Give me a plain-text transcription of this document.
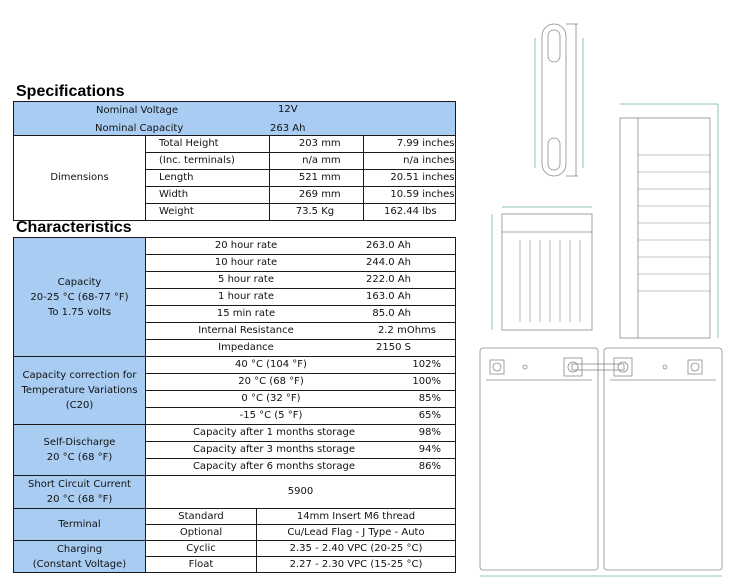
Specifications
Nominal Voltage	12V
Nominal Capacity	263 Ah
Dimensions	Total Height	203 mm	7.99 inches
	(Inc. terminals)	n/a mm	n/a inches
	Length	521 mm	20.51 inches
	Width	269 mm	10.59 inches
	Weight	73.5 Kg	162.44 lbs
Characteristics
Capacity
20-25 °C (68-77 °F)
To 1.75 volts	20 hour rate 263.0 Ah	
	10 hour rate 244.0 Ah	
	5 hour rate 222.0 Ah	
	1 hour rate 163.0 Ah	
	15 min rate 85.0 Ah	
	Internal Resistance 2.2 mOhms	
	Impedance 2150 S	

Capacity correction for
Temperature Variations
(C20)	40 °C (104 °F) 102%	
	20 °C (68 °F) 100%	
	0 °C (32 °F) 85%	
	-15 °C (5 °F) 65%	

Self-Discharge
20 °C (68 °F)	Capacity after 1 months storage 98%	
	Capacity after 3 months storage 94%	
	Capacity after 6 months storage 86%	

Short Circuit Current
20 °C (68 °F)	5900	
Terminal	Standard	14mm Insert M6 thread
	Optional	Cu/Lead Flag - J Type - Auto

Charging
(Constant Voltage)	Cyclic	2.35 - 2.40 VPC (20-25 °C)
	Float	2.27 - 2.30 VPC (15-25 °C)
